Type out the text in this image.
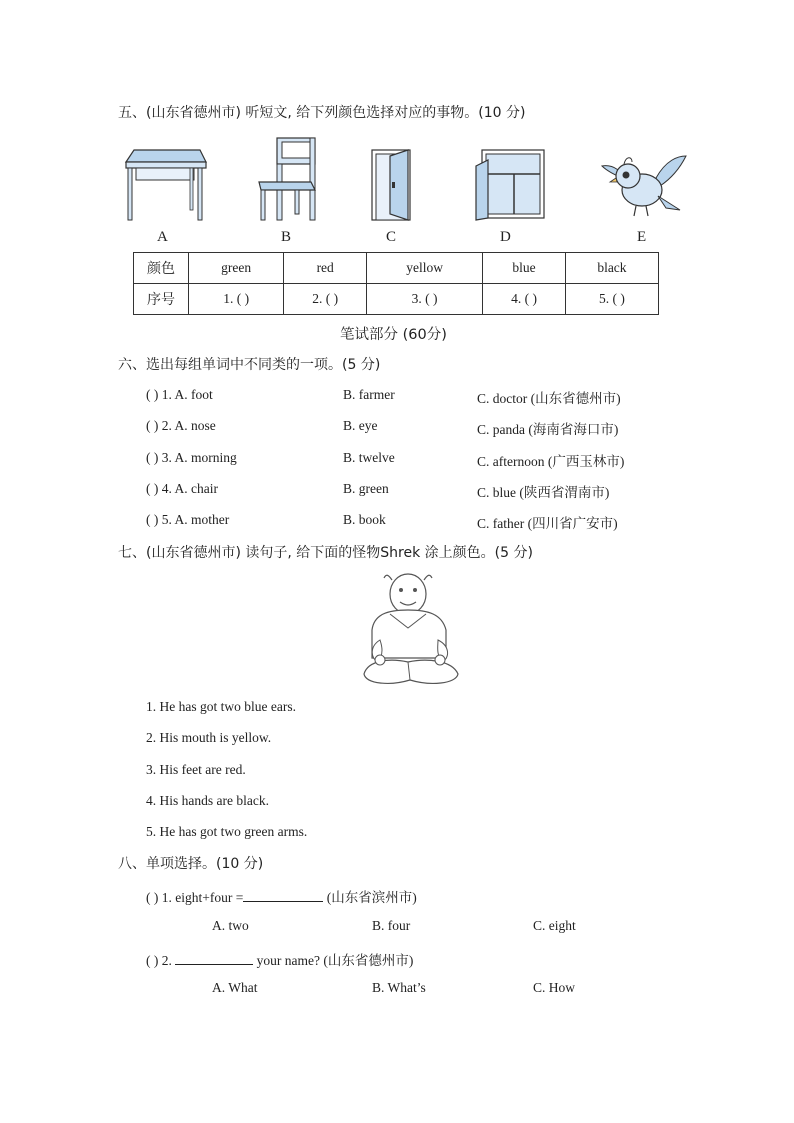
五、(山东省德州市) 听短文, 给下列颜色选择对应的事物。(10 分)
A	B	C	D	E
颜色	green	red	yellow	blue	black
序号	1. ( )	2. ( )	3. ( )	4. ( )	5. ( )
笔试部分 (60分)
六、选出每组单词中不同类的一项。(5 分)
( ) 1. A. foot	B. farmer	C. doctor (山东省德州市)
( ) 2. A. nose	B. eye	C. panda (海南省海口市)
( ) 3. A. morning	B. twelve	C. afternoon (广西玉林市)
( ) 4. A. chair	B. green	C. blue (陕西省渭南市)
( ) 5. A. mother	B. book	C. father (四川省广安市)
七、(山东省德州市) 读句子, 给下面的怪物Shrek 涂上颜色。(5 分)
1. He has got two blue ears.
2. His mouth is yellow.
3. His feet are red.
4. His hands are black.
5. He has got two green arms.
八、单项选择。(10 分)
( ) 1. eight+four =	(山东省滨州市)
A. two	B. four	C. eight
( ) 2.	your name? (山东省德州市)
A. What	B. What’s	C. How
